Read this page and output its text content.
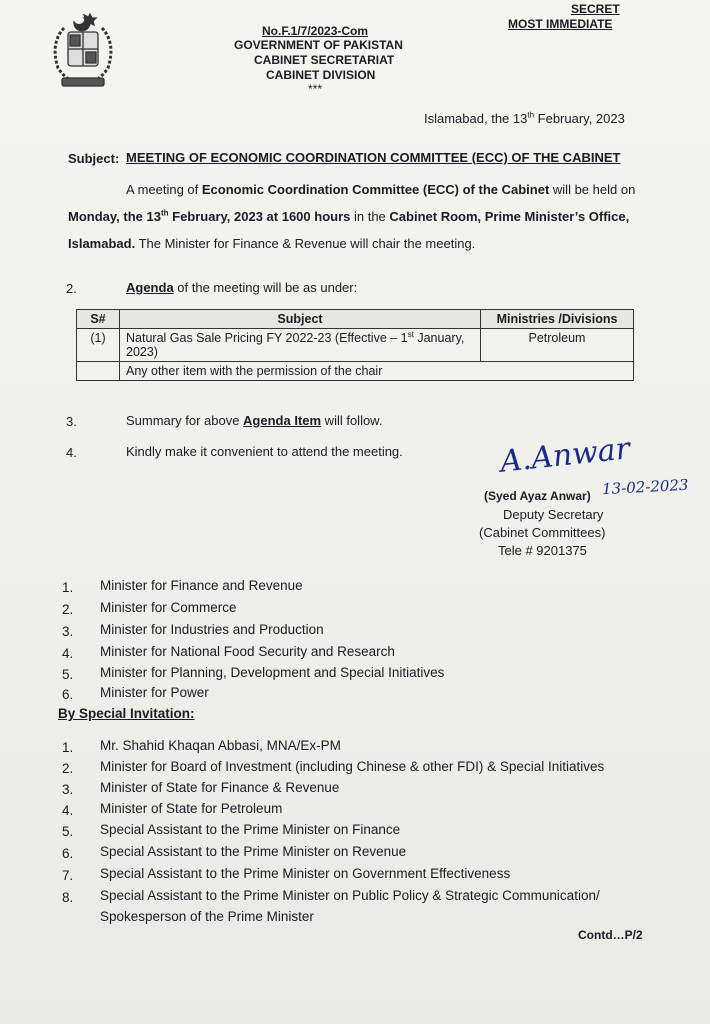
No.F.1/7/2023-Com
GOVERNMENT OF PAKISTAN
CABINET SECRETARIAT
CABINET DIVISION
***
SECRET
MOST IMMEDIATE
Islamabad, the 13th February, 2023
Subject: MEETING OF ECONOMIC COORDINATION COMMITTEE (ECC) OF THE CABINET
A meeting of Economic Coordination Committee (ECC) of the Cabinet will be held on
Monday, the 13th February, 2023 at 1600 hours in the Cabinet Room, Prime Minister’s Office,
Islamabad. The Minister for Finance & Revenue will chair the meeting.
2.	Agenda of the meeting will be as under:
S#	Subject	Ministries /Divisions
(1)	Natural Gas Sale Pricing FY 2022-23 (Effective – 1st January,
2023)	Petroleum
	Any other item with the permission of the chair	
3.	Summary for above Agenda Item will follow.
4.	Kindly make it convenient to attend the meeting.	A.Anwar
13-02-2023
(Syed Ayaz Anwar)
Deputy Secretary
(Cabinet Committees)
Tele # 9201375
1. Minister for Finance and Revenue
2. Minister for Commerce
3. Minister for Industries and Production
4. Minister for National Food Security and Research
5. Minister for Planning, Development and Special Initiatives
6. Minister for Power
By Special Invitation:
1. Mr. Shahid Khaqan Abbasi, MNA/Ex-PM
2. Minister for Board of Investment (including Chinese & other FDI) & Special Initiatives
3. Minister of State for Finance & Revenue
4. Minister of State for Petroleum
5. Special Assistant to the Prime Minister on Finance
6. Special Assistant to the Prime Minister on Revenue
7. Special Assistant to the Prime Minister on Government Effectiveness
8. Special Assistant to the Prime Minister on Public Policy & Strategic Communication/
Spokesperson of the Prime Minister
Contd…P/2
